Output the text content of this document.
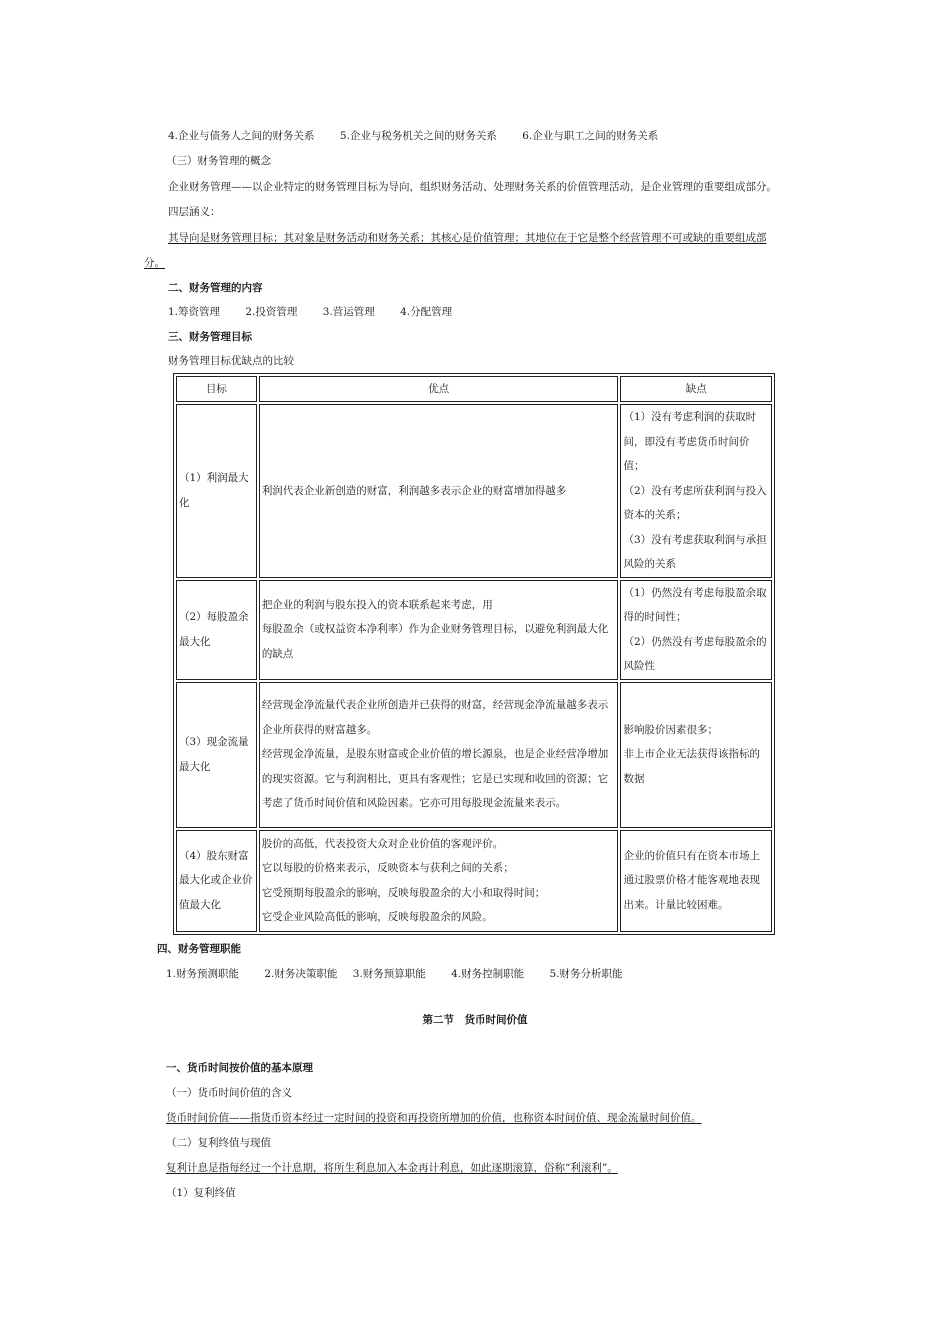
4.企业与债务人之间的财务关系 5.企业与税务机关之间的财务关系 6.企业与职工之间的财务关系
（三）财务管理的概念
企业财务管理——以企业特定的财务管理目标为导向，组织财务活动、处理财务关系的价值管理活动，是企业管理的重要组成部分。
四层涵义：
其导向是财务管理目标；其对象是财务活动和财务关系；其核心是价值管理；其地位在于它是整个经营管理不可或缺的重要组成部
分。
二、财务管理的内容
1.筹资管理 2.投资管理 3.营运管理 4.分配管理
三、财务管理目标
财务管理目标优缺点的比较
目标	优点	缺点
（1）利润最大化	利润代表企业新创造的财富，利润越多表示企业的财富增加得越多	（1）没有考虑利润的获取时间，即没有考虑货币时间价值；
（2）没有考虑所获利润与投入资本的关系；
（3）没有考虑获取利润与承担风险的关系

（2）每股盈余最大化	把企业的利润与股东投入的资本联系起来考虑，用
每股盈余（或权益资本净利率）作为企业财务管理目标，以避免利润最大化的缺点	（1）仍然没有考虑每股盈余取得的时间性；
（2）仍然没有考虑每股盈余的风险性

（3）现金流量最大化	经营现金净流量代表企业所创造并已获得的财富，经营现金净流量越多表示企业所获得的财富越多。
经营现金净流量，是股东财富或企业价值的增长源泉，也是企业经营净增加的现实资源。它与利润相比，更具有客观性；它是已实现和收回的资源；它考虑了货币时间价值和风险因素。它亦可用每股现金流量来表示。	影响股价因素很多；
非上市企业无法获得该指标的数据

（4）股东财富最大化或企业价值最大化	股价的高低，代表投资大众对企业价值的客观评价。
它以每股的价格来表示，反映资本与获利之间的关系；
它受预期每股盈余的影响，反映每股盈余的大小和取得时间；
它受企业风险高低的影响，反映每股盈余的风险。	企业的价值只有在资本市场上通过股票价格才能客观地表现出来。计量比较困难。
四、财务管理职能
1.财务预测职能 2.财务决策职能 3.财务预算职能 4.财务控制职能 5.财务分析职能
第二节　货币时间价值
一、货币时间按价值的基本原理
（一）货币时间价值的含义
货币时间价值——指货币资本经过一定时间的投资和再投资所增加的价值，也称资本时间价值、现金流量时间价值。
（二）复利终值与现值
复利计息是指每经过一个计息期，将所生利息加入本金再计利息，如此逐期滚算，俗称“利滚利”。
（1）复利终值
